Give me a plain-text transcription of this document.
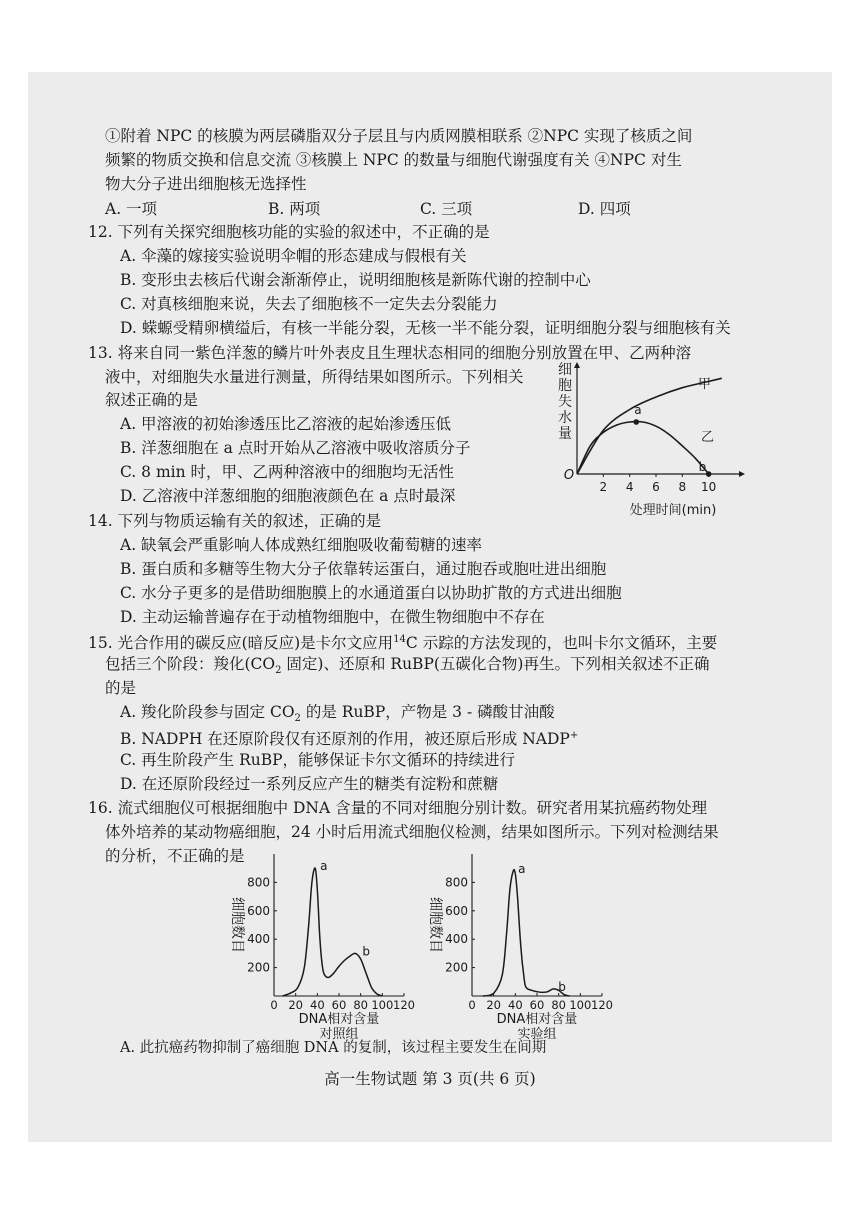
①附着 NPC 的核膜为两层磷脂双分子层且与内质网膜相联系 ②NPC 实现了核质之间
频繁的物质交换和信息交流 ③核膜上 NPC 的数量与细胞代谢强度有关 ④NPC 对生
物大分子进出细胞核无选择性
A. 一项	B. 两项	C. 三项	D. 四项
12. 下列有关探究细胞核功能的实验的叙述中，不正确的是
A. 伞藻的嫁接实验说明伞帽的形态建成与假根有关
B. 变形虫去核后代谢会渐渐停止，说明细胞核是新陈代谢的控制中心
C. 对真核细胞来说，失去了细胞核不一定失去分裂能力
D. 蝾螈受精卵横缢后，有核一半能分裂，无核一半不能分裂，证明细胞分裂与细胞核有关
13. 将来自同一紫色洋葱的鳞片叶外表皮且生理状态相同的细胞分别放置在甲、乙两种溶
液中，对细胞失水量进行测量，所得结果如图所示。下列相关
叙述正确的是
A. 甲溶液的初始渗透压比乙溶液的起始渗透压低
B. 洋葱细胞在 a 点时开始从乙溶液中吸收溶质分子
C. 8 min 时，甲、乙两种溶液中的细胞均无活性
D. 乙溶液中洋葱细胞的细胞液颜色在 a 点时最深
细胞失水量
O
2 4 6 8 10
处理时间(min)
甲
乙
a
b
14. 下列与物质运输有关的叙述，正确的是
A. 缺氧会严重影响人体成熟红细胞吸收葡萄糖的速率
B. 蛋白质和多糖等生物大分子依靠转运蛋白，通过胞吞或胞吐进出细胞
C. 水分子更多的是借助细胞膜上的水通道蛋白以协助扩散的方式进出细胞
D. 主动运输普遍存在于动植物细胞中，在微生物细胞中不存在
15. 光合作用的碳反应(暗反应)是卡尔文应用$^{14}$C 示踪的方法发现的，也叫卡尔文循环，主要
包括三个阶段：羧化($CO_2$ 固定)、还原和 RuBP(五碳化合物)再生。下列相关叙述不正确
的是
A. 羧化阶段参与固定 $CO_2$ 的是 RuBP，产物是 3 - 磷酸甘油酸
B. NADPH 在还原阶段仅有还原剂的作用，被还原后形成 NADP+
C. 再生阶段产生 RuBP，能够保证卡尔文循环的持续进行
D. 在还原阶段经过一系列反应产生的糖类有淀粉和蔗糖
16. 流式细胞仪可根据细胞中 DNA 含量的不同对细胞分别计数。研究者用某抗癌药物处理
体外培养的某动物癌细胞，24 小时后用流式细胞仪检测，结果如图所示。下列对检测结果
的分析，不正确的是
细胞数目
200
400
600
800
0 20 40 60 80 100 120
DNA相对含量
对照组
a
b	细胞数目
200
400
600
800
0 20 40 60 80 100 120
DNA相对含量
实验组
a
b
A. 此抗癌药物抑制了癌细胞 DNA 的复制，该过程主要发生在间期
高一生物试题 第 3 页(共 6 页)
